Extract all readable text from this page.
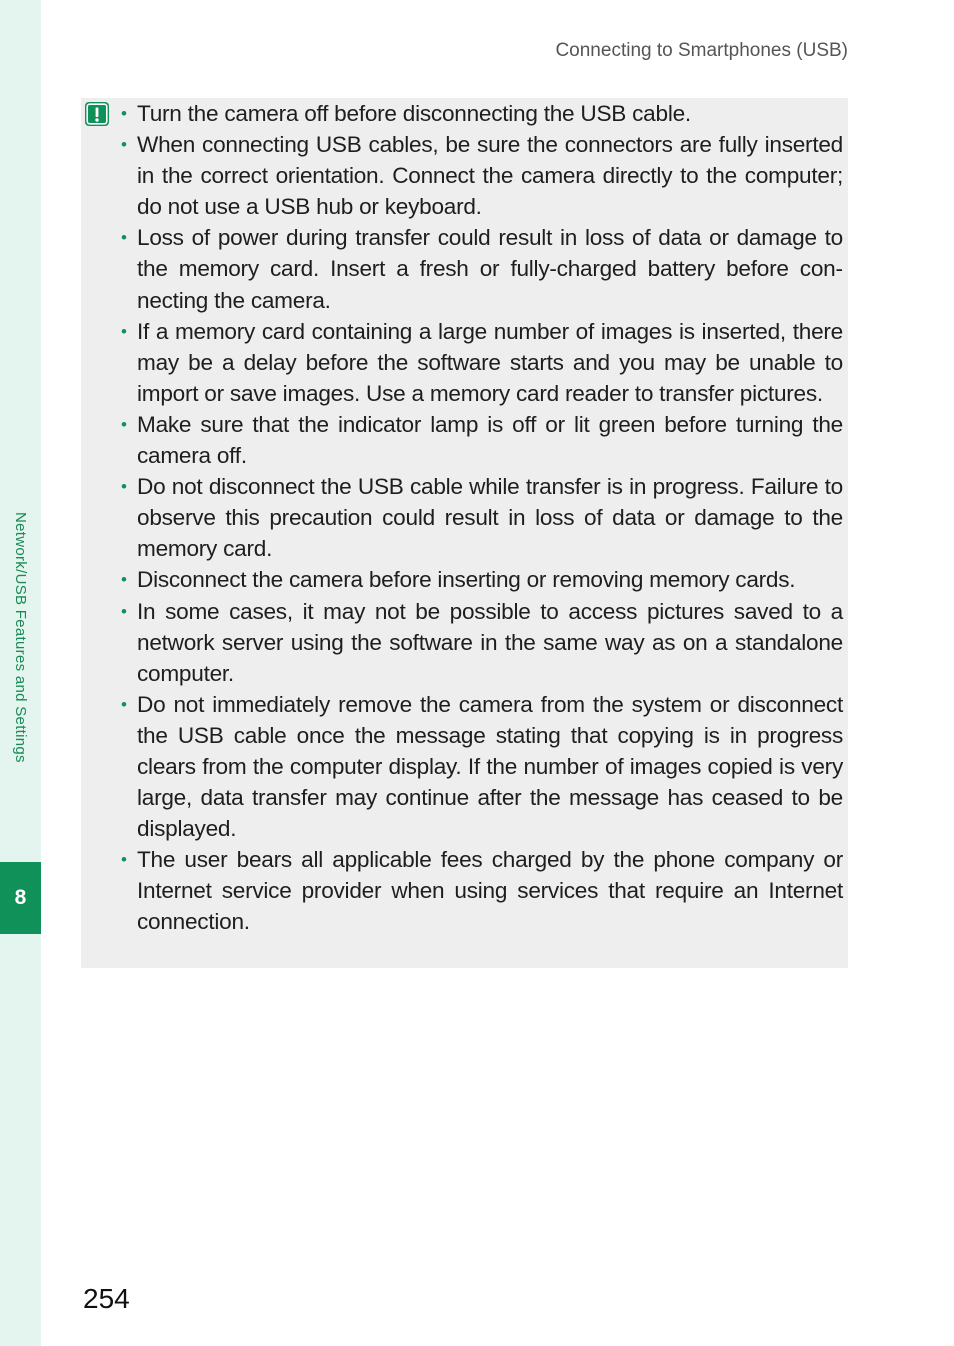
Network/USB Features and Settings
8
Connecting to Smartphones (USB)
• Turn the camera off before disconnecting the USB cable.
• When connecting USB cables, be sure the connectors are fully inserted in the correct orientation. Connect the camera directly to the computer; do not use a USB hub or keyboard.
• Loss of power during transfer could result in loss of data or damage to the memory card. Insert a fresh or fully-charged battery before connecting the camera.
• If a memory card containing a large number of images is inserted, there may be a delay before the software starts and you may be unable to import or save images. Use a memory card reader to transfer pictures.
• Make sure that the indicator lamp is off or lit green before turning the camera off.
• Do not disconnect the USB cable while transfer is in progress. Failure to observe this precaution could result in loss of data or damage to the memory card.
• Disconnect the camera before inserting or removing memory cards.
• In some cases, it may not be possible to access pictures saved to a network server using the software in the same way as on a standalone computer.
• Do not immediately remove the camera from the system or disconnect the USB cable once the message stating that copying is in progress clears from the computer display. If the number of images copied is very large, data transfer may continue after the message has ceased to be displayed.
• The user bears all applicable fees charged by the phone company or Internet service provider when using services that require an Internet connection.
254
